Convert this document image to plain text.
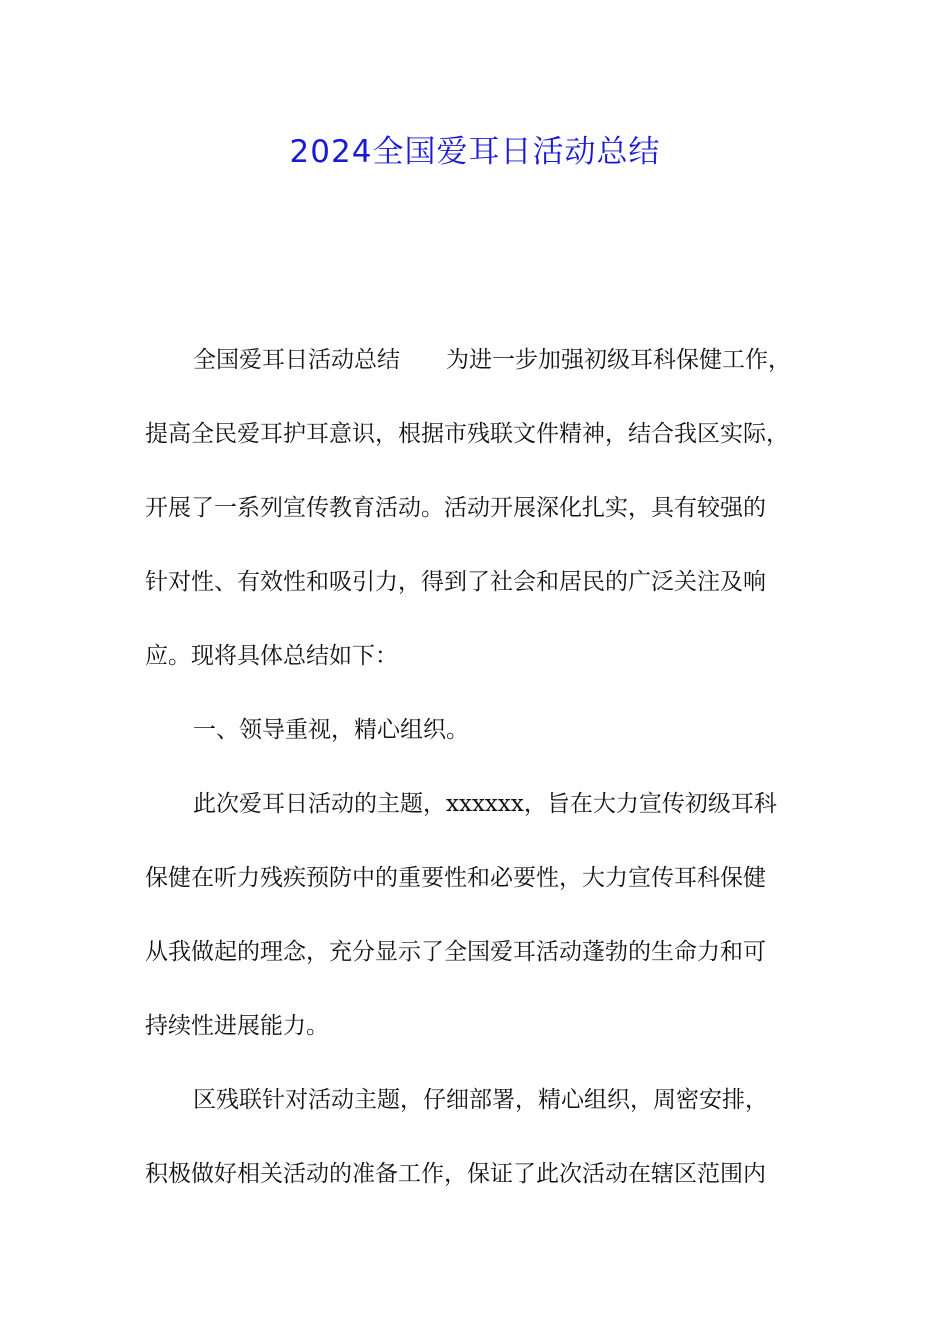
2024全国爱耳日活动总结
全国爱耳日活动总结 为进一步加强初级耳科保健工作，
提高全民爱耳护耳意识，根据市残联文件精神，结合我区实际，
开展了一系列宣传教育活动。活动开展深化扎实，具有较强的
针对性、有效性和吸引力，得到了社会和居民的广泛关注及响
应。现将具体总结如下：
一、领导重视，精心组织。
此次爱耳日活动的主题，xxxxxx，旨在大力宣传初级耳科
保健在听力残疾预防中的重要性和必要性，大力宣传耳科保健
从我做起的理念，充分显示了全国爱耳活动蓬勃的生命力和可
持续性进展能力。
区残联针对活动主题，仔细部署，精心组织，周密安排，
积极做好相关活动的准备工作，保证了此次活动在辖区范围内
